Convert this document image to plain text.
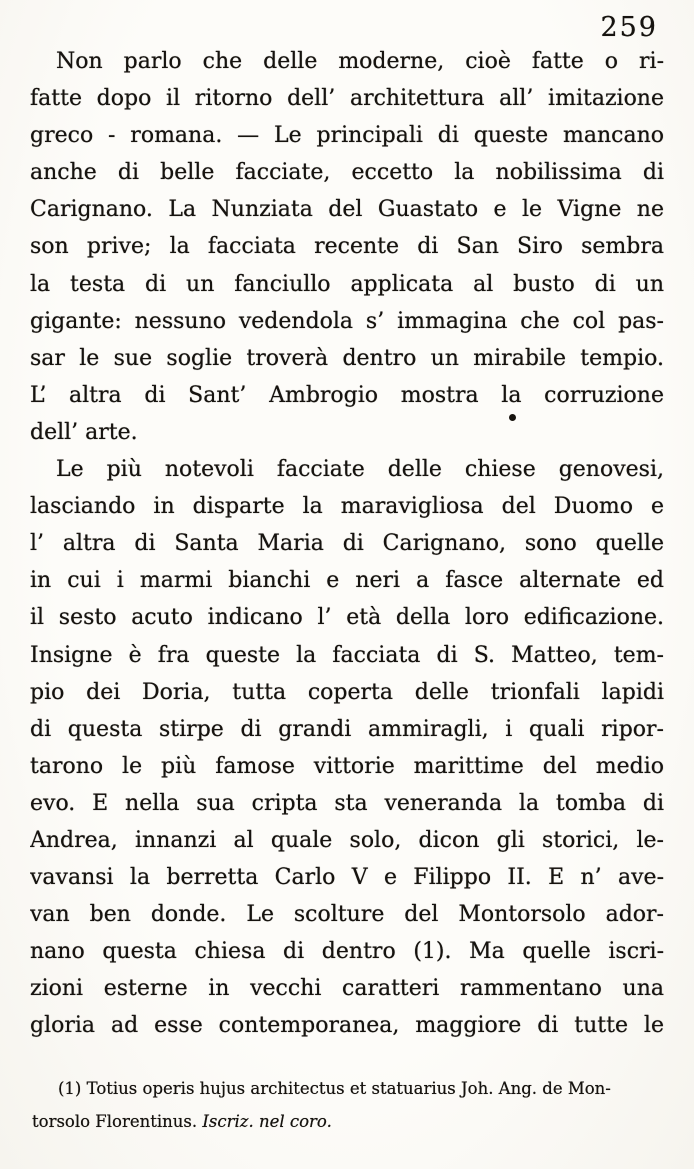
259
Non parlo che delle moderne, cioè fatte o ri-
fatte dopo il ritorno dell’ architettura all’ imitazione
greco - romana. — Le principali di queste mancano
anche di belle facciate, eccetto la nobilissima di
Carignano. La Nunziata del Guastato e le Vigne ne
son prive; la facciata recente di San Siro sembra
la testa di un fanciullo applicata al busto di un
gigante: nessuno vedendola s’ immagina che col pas-
sar le sue soglie troverà dentro un mirabile tempio.
L’ altra di Sant’ Ambrogio mostra la corruzione
dell’ arte.
Le più notevoli facciate delle chiese genovesi,
lasciando in disparte la maravigliosa del Duomo e
l’ altra di Santa Maria di Carignano, sono quelle
in cui i marmi bianchi e neri a fasce alternate ed
il sesto acuto indicano l’ età della loro edificazione.
Insigne è fra queste la facciata di S. Matteo, tem-
pio dei Doria, tutta coperta delle trionfali lapidi
di questa stirpe di grandi ammiragli, i quali ripor-
tarono le più famose vittorie marittime del medio
evo. E nella sua cripta sta veneranda la tomba di
Andrea, innanzi al quale solo, dicon gli storici, le-
vavansi la berretta Carlo V e Filippo II. E n’ ave-
van ben donde. Le scolture del Montorsolo ador-
nano questa chiesa di dentro (1). Ma quelle iscri-
zioni esterne in vecchi caratteri rammentano una
gloria ad esse contemporanea, maggiore di tutte le
(1) Totius operis hujus architectus et statuarius Joh. Ang. de Mon-
torsolo Florentinus. Iscriz. nel coro.
